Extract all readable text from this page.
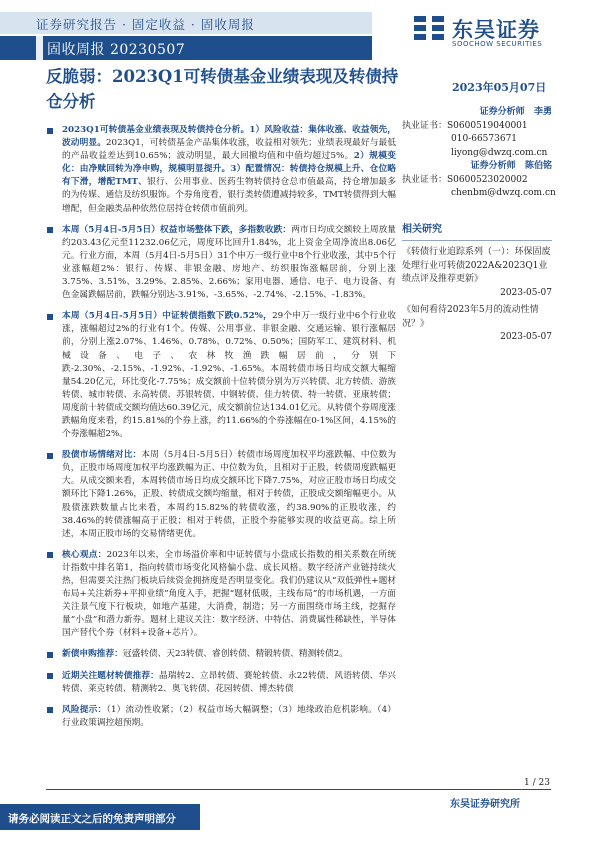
证券研究报告 · 固定收益 · 固收周报
固收周报 20230507
东吴证券
SOOCHOW SECURITIES
反脆弱：2023Q1可转债基金业绩表现及转债持仓分析
2023年05月07日
2023Q1可转债基金业绩表现及转债持仓分析。1）风险收益：集体收涨、收益领先，波动明显。2023Q1，可转债基金产品集体收涨，收益相对领先；业绩表现最好与最低的产品收益差达到10.65%；波动明显，最大回撤均值和中值均超过5%。2）规模变化：由净赎回转为净申购，规模明显提升。3）配置情况：转债持仓规模上升、仓位略有下滑，增配TMT、银行、公用事业、医药生物转债持仓总市值最高，持仓增加最多的为传媒、通信及纺织服饰。个券角度看，银行类转债遭减持较多，TMT转债得到大幅增配，但金融类品种依然位居持仓转债市值前列。
本周（5月4日-5月5日）权益市场整体下跌，多指数收跌：两市日均成交额较上周放量约203.43亿元至11232.06亿元，周度环比回升1.84%，北上资金全周净流出8.06亿元。行业方面，本周（5月4日-5月5日）31个申万一级行业中8个行业收涨，其中5个行业涨幅超2%：银行、传媒、非银金融、房地产、纺织服饰涨幅居前，分别上涨3.75%、3.51%、3.29%、2.85%、2.66%；家用电器、通信、电子、电力设备、有色金属跌幅居前，跌幅分别达-3.91%、-3.65%、-2.74%、-2.15%、-1.83%。
本周（5月4日-5月5日）中证转债指数下跌0.52%，29个申万一级行业中6个行业收涨，涨幅超过2%的行业有1个。传媒、公用事业、非银金融、交通运输、银行涨幅居前，分别上涨2.07%、1.46%、0.78%、0.72%、0.50%；国防军工、建筑材料、机械设备、电子、农林牧渔跌幅居前，分别下跌-2.30%、-2.15%、-1.92%、-1.92%、-1.65%。本周转债市场日均成交额大幅缩量54.20亿元，环比变化-7.75%；成交额前十位转债分别为万兴转债、北方转债、游族转债、城市转债、永高转债、苏银转债、中钢转债、佳力转债、特一转债、亚康转债；周度前十转债成交额均值达60.39亿元，成交额前位达134.01亿元。从转债个券周度涨跌幅角度来看，约15.81%的个券上涨，约11.66%的个券涨幅在0-1%区间，4.15%的个券涨幅超2%。
股债市场情绪对比：本周（5月4日-5月5日）转债市场周度加权平均涨跌幅、中位数为负，正股市场周度加权平均涨跌幅为正、中位数为负，且相对于正股，转债周度跌幅更大。从成交额来看，本周转债市场日均成交额环比下降7.75%，对应正股市场日均成交额环比下降1.26%，正股、转债成交额均缩量，相对于转债，正股成交额缩幅更小。从股债涨跌数量占比来看，本周约15.82%的转债收涨，约38.90%的正股收涨，约38.46%的转债涨幅高于正股；相对于转债，正股个券能够实现的收益更高。综上所述，本周正股市场的交易情绪更优。
核心观点：2023年以来，全市场溢价率和中证转债与小盘成长指数的相关系数在所统计指数中排名第1，指向转债市场变化风格偏小盘、成长风格。数字经济产业链持续火热，但需要关注热门板块后续资金拥挤度是否明显变化。我们仍建议从“双低弹性+题材布局+关注新券+平抑业绩”角度入手，把握“题材低吸，主线布局”的市场机遇，一方面关注景气度下行板块，如地产基建，大消费，制造；另一方面围绕市场主线，挖掘存量“小盘”和潜力新券。题材上建议关注：数字经济、中特估、消费属性稀缺性，半导体国产替代个券（材料+设备+芯片）。
新债申购推荐：冠盛转债、天23转债、睿创转债、精锻转债、精测转债2。
近期关注题材转债推荐：晶瑞转2、立昂转债、赛轮转债、永22转债、风语转债、华兴转债、莱克转债、精测转2、奥飞转债、花园转债、博杰转债
风险提示：（1）流动性收紧；（2）权益市场大幅调整；（3）地缘政治危机影响。（4）行业政策调控超预期。
证券分析师 李勇
执业证书：S0600519040001
010-66573671
liyong@dwzq.com.cn
证券分析师 陈伯铭
执业证书：S0600523020002
chenbm@dwzq.com.cn
相关研究
《转债行业追踪系列（一）：环保固废处理行业可转债2022A&2023Q1业绩点评及推荐更新》
2023-05-07
《如何看待2023年5月的流动性情况？》
2023-05-07
1 / 23
东吴证券研究所
请务必阅读正文之后的免责声明部分
